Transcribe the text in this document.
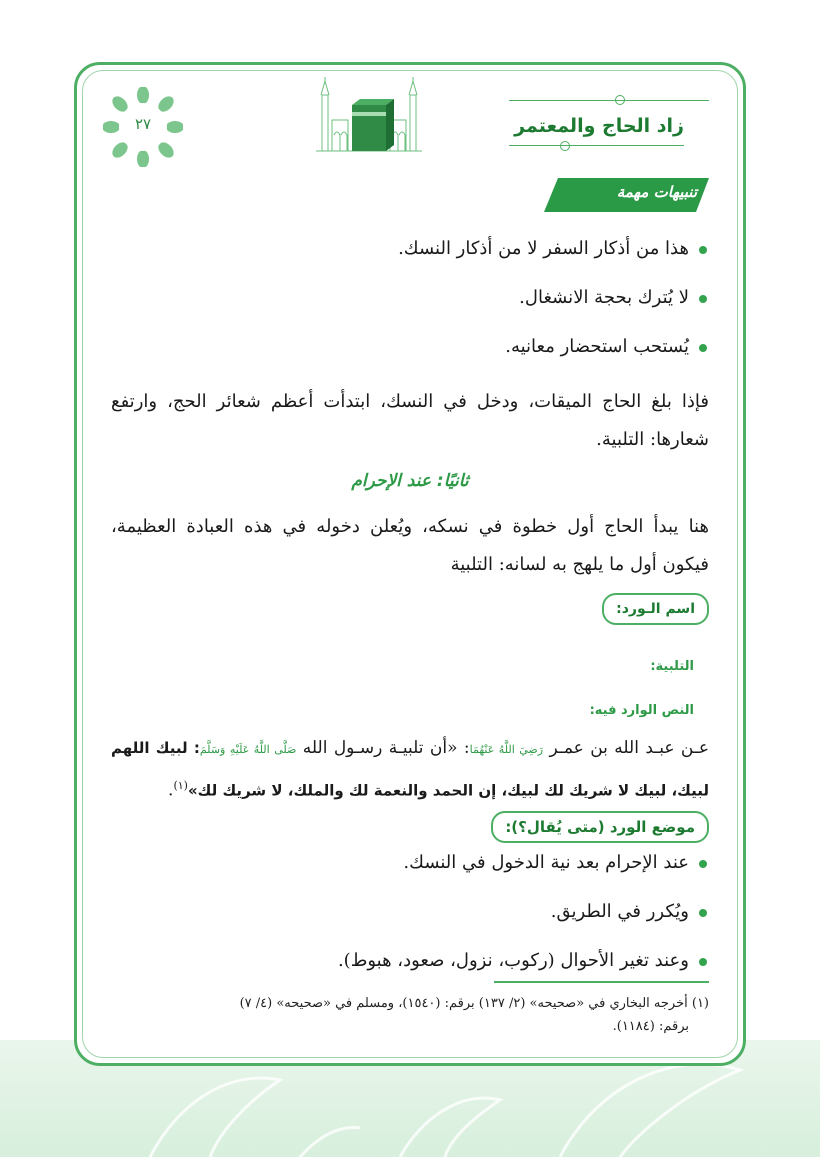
زاد الحاج والمعتمر
٢٧
تنبيهات مهمة
هذا من أذكار السفر لا من أذكار النسك.
لا يُترك بحجة الانشغال.
يُستحب استحضار معانيه.
فإذا بلغ الحاج الميقات، ودخل في النسك، ابتدأت أعظم شعائر الحج، وارتفع
شعارها: التلبية.
ثانيًا: عند الإحرام
هنا يبدأ الحاج أول خطوة في نسكه، ويُعلن دخوله في هذه العبادة العظيمة،
فيكون أول ما يلهج به لسانه: التلبية
اسم الـورد:
التلبية:
النص الوارد فيه:
عـن عبـد الله بن عمـر رَضِيَ اللَّهُ عَنْهُمَا: «أن تلبيـة رسـول الله صَلَّى اللَّهُ عَلَيْهِ وَسَلَّمَ: لبيك اللهم
لبيك، لبيك لا شريك لك لبيك، إن الحمد والنعمة لك والملك، لا شريك لك»$^{(١)}$.
موضع الورد (متى يُقال؟):
عند الإحرام بعد نية الدخول في النسك.
ويُكرر في الطريق.
وعند تغير الأحوال (ركوب، نزول، صعود، هبوط).
(١) أخرجه البخاري في «صحيحه» (٢/ ١٣٧) برقم: (١٥٤٠)، ومسلم في «صحيحه» (٤/ ٧)
برقم: (١١٨٤).
